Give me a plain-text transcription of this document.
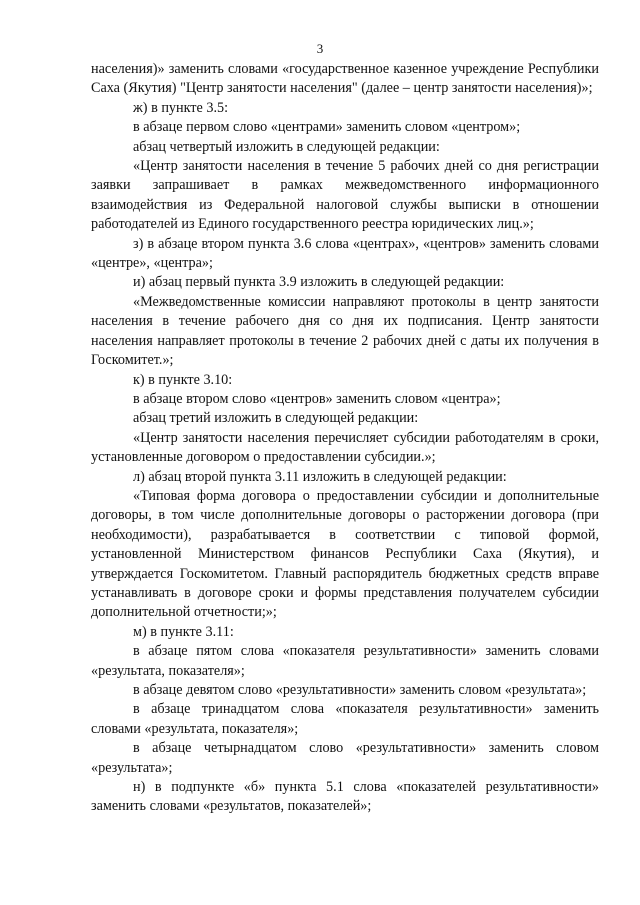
3

населения)» заменить словами «государственное казенное учреждение Республики Саха (Якутия) "Центр занятости населения" (далее – центр занятости населения)»;

ж) в пункте 3.5:

в абзаце первом слово «центрами» заменить словом «центром»;

абзац четвертый изложить в следующей редакции:

«Центр занятости населения в течение 5 рабочих дней со дня регистрации заявки запрашивает в рамках межведомственного информационного взаимодействия из Федеральной налоговой службы выписки в отношении работодателей из Единого государственного реестра юридических лиц.»;

з) в абзаце втором пункта 3.6 слова «центрах», «центров» заменить словами «центре», «центра»;

и) абзац первый пункта 3.9 изложить в следующей редакции:

«Межведомственные комиссии направляют протоколы в центр занятости населения в течение рабочего дня со дня их подписания. Центр занятости населения направляет протоколы в течение 2 рабочих дней с даты их получения в Госкомитет.»;

к) в пункте 3.10:

в абзаце втором слово «центров» заменить словом «центра»;

абзац третий изложить в следующей редакции:

«Центр занятости населения перечисляет субсидии работодателям в сроки, установленные договором о предоставлении субсидии.»;

л) абзац второй пункта 3.11 изложить в следующей редакции:

«Типовая форма договора о предоставлении субсидии и дополнительные договоры, в том числе дополнительные договоры о расторжении договора (при необходимости), разрабатывается в соответствии с типовой формой, установленной Министерством финансов Республики Саха (Якутия), и утверждается Госкомитетом. Главный распорядитель бюджетных средств вправе устанавливать в договоре сроки и формы представления получателем субсидии дополнительной отчетности;»;

м) в пункте 3.11:

в абзаце пятом слова «показателя результативности» заменить словами «результата, показателя»;

в абзаце девятом слово «результативности» заменить словом «результата»;

в абзаце тринадцатом слова «показателя результативности» заменить словами «результата, показателя»;

в абзаце четырнадцатом слово «результативности» заменить словом «результата»;

н) в подпункте «б» пункта 5.1 слова «показателей результативности» заменить словами «результатов, показателей»;
